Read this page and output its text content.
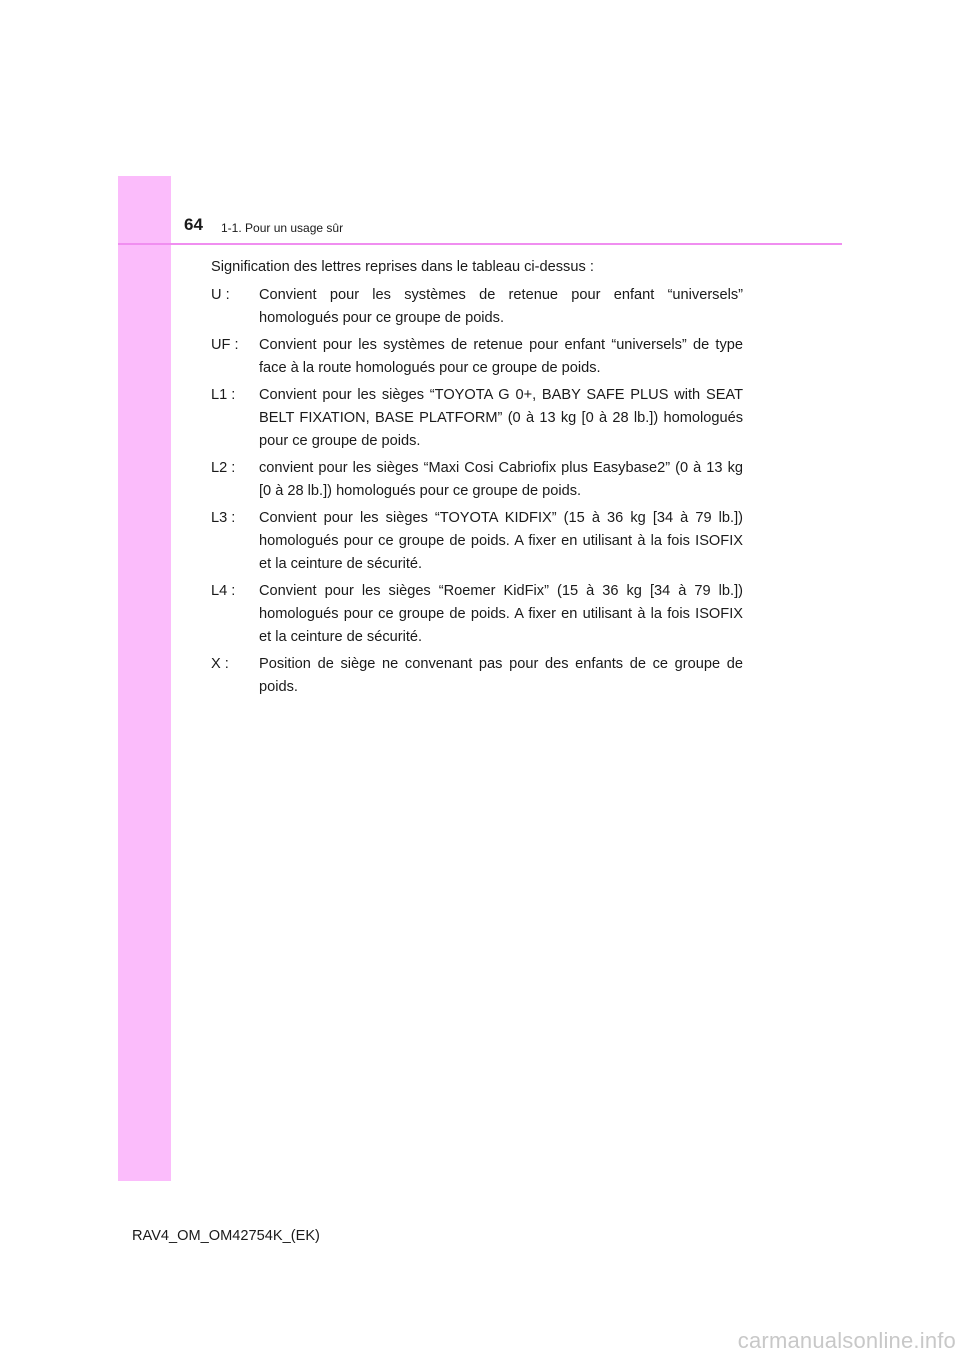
64 1-1. Pour un usage sûr

Signification des lettres reprises dans le tableau ci-dessus :

U :	Convient pour les systèmes de retenue pour enfant “universels” homologués pour ce groupe de poids.
UF :	Convient pour les systèmes de retenue pour enfant “universels” de type face à la route homologués pour ce groupe de poids.
L1 :	Convient pour les sièges “TOYOTA G 0+, BABY SAFE PLUS with SEAT BELT FIXATION, BASE PLATFORM” (0 à 13 kg [0 à 28 lb.]) homologués pour ce groupe de poids.
L2 :	convient pour les sièges “Maxi Cosi Cabriofix plus Easybase2” (0 à 13 kg [0 à 28 lb.]) homologués pour ce groupe de poids.
L3 :	Convient pour les sièges “TOYOTA KIDFIX” (15 à 36 kg [34 à 79 lb.]) homologués pour ce groupe de poids. A fixer en utilisant à la fois ISOFIX et la ceinture de sécurité.
L4 :	Convient pour les sièges “Roemer KidFix” (15 à 36 kg [34 à 79 lb.]) homologués pour ce groupe de poids. A fixer en utilisant à la fois ISOFIX et la ceinture de sécurité.
X :	Position de siège ne convenant pas pour des enfants de ce groupe de poids.
RAV4_OM_OM42754K_(EK)
carmanualsonline.info
